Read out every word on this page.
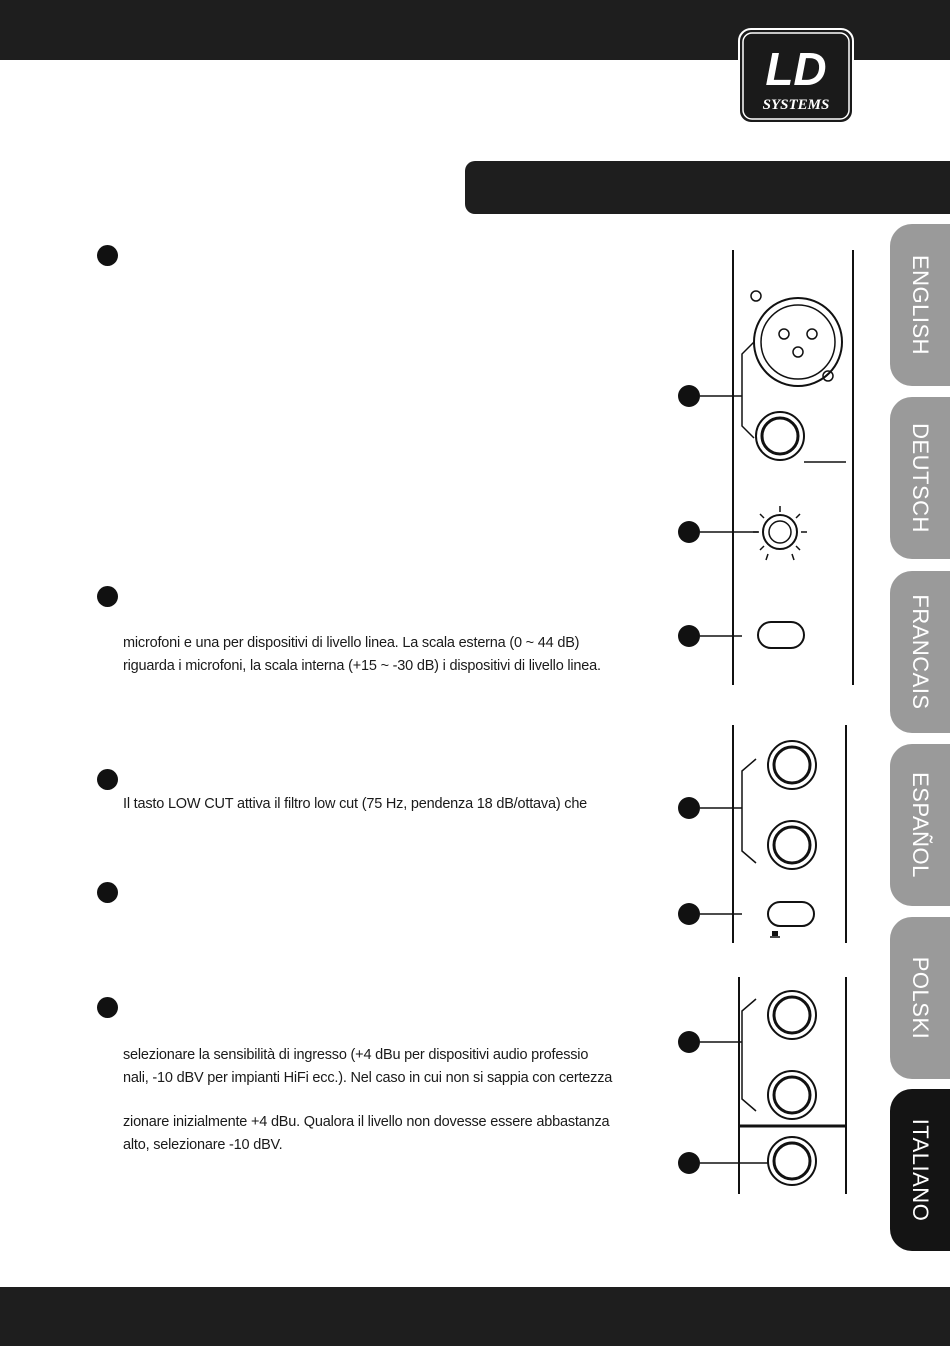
LD
SYSTEMS
microfoni e una per dispositivi di livello linea. La scala esterna (0 ~ 44 dB)
riguarda i microfoni, la scala interna (+15 ~ -30 dB) i dispositivi di livello linea.
Il tasto LOW CUT attiva il filtro low cut (75 Hz, pendenza 18 dB/ottava) che
selezionare la sensibilità di ingresso (+4 dBu per dispositivi audio professio
nali, -10 dBV per impianti HiFi ecc.). Nel caso in cui non si sappia con certezza
zionare inizialmente +4 dBu. Qualora il livello non dovesse essere abbastanza
alto, selezionare -10 dBV.
ENGLISH
DEUTSCH
FRANCAIS
ESPAÑOL
POLSKI
ITALIANO
